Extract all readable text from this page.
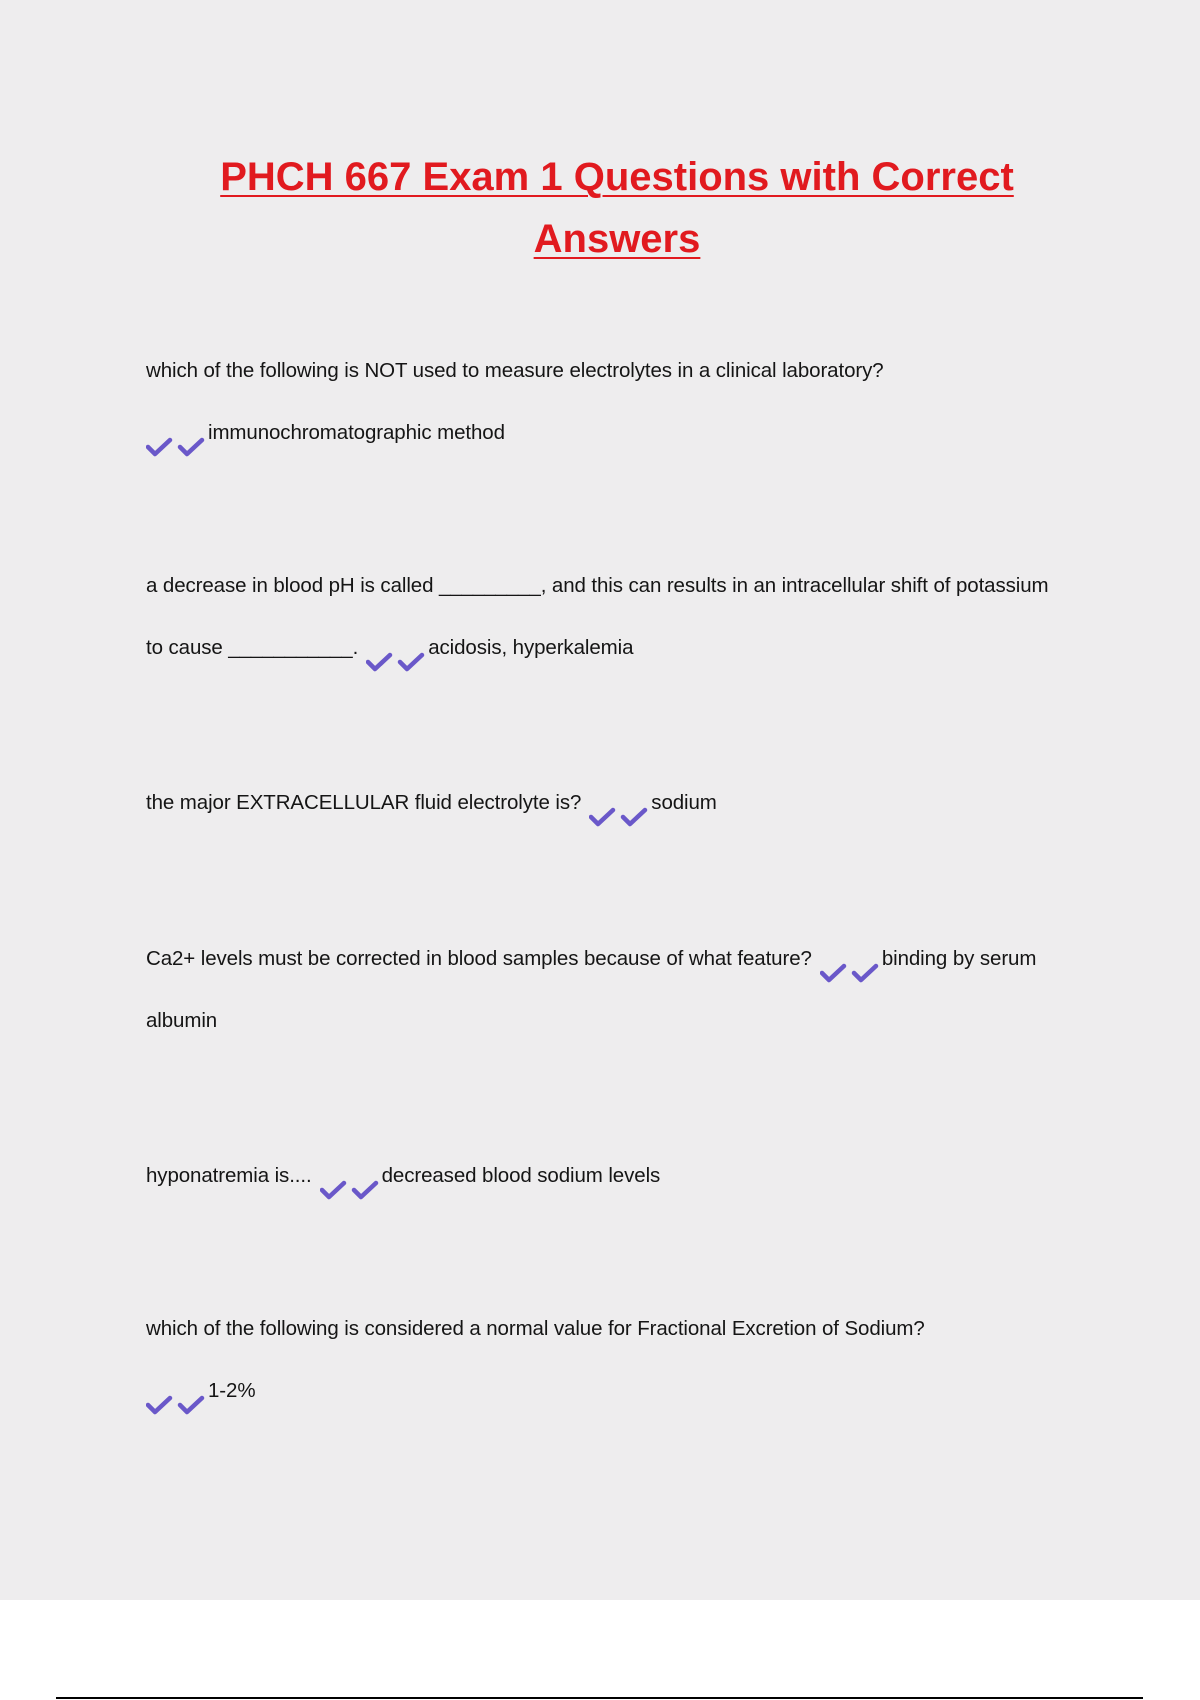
PHCH 667 Exam 1 Questions with Correct Answers
which of the following is NOT used to measure electrolytes in a clinical laboratory?
immunochromatographic method
a decrease in blood pH is called _________, and this can results in an intracellular shift of potassium to cause ___________.	acidosis, hyperkalemia
the major EXTRACELLULAR fluid electrolyte is?	sodium
Ca2+ levels must be corrected in blood samples because of what feature?	binding by serum albumin
hyponatremia is....	decreased blood sodium levels
which of the following is considered a normal value for Fractional Excretion of Sodium?
1-2%
